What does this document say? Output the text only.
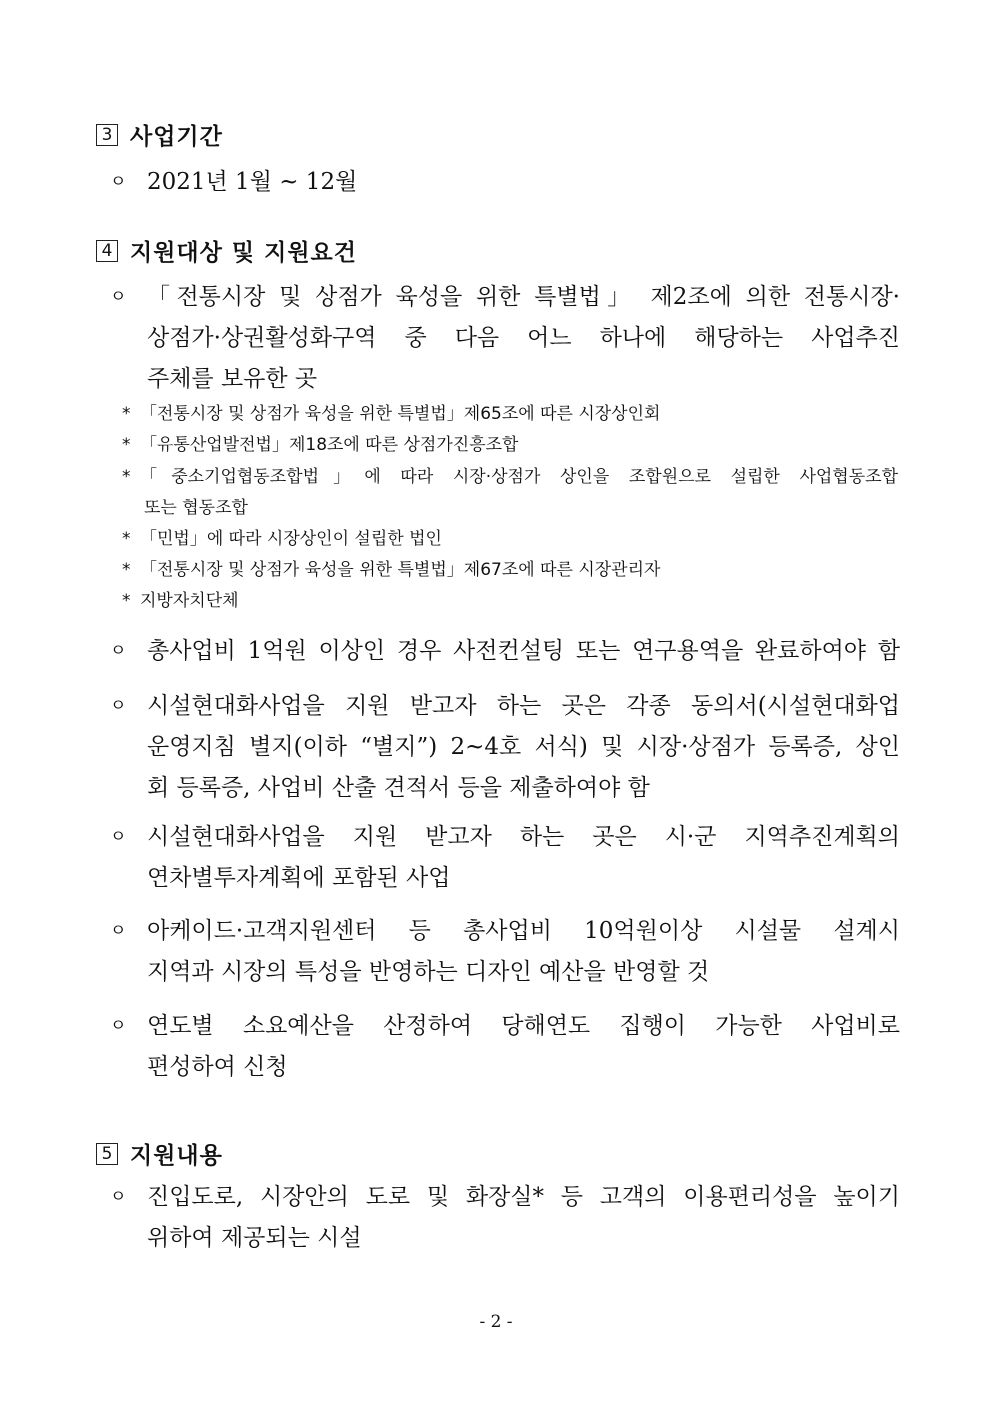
3 사업기간
ㅇ 2021년 1월 ~ 12월
4 지원대상 및 지원요건
ㅇ 「전통시장 및 상점가 육성을 위한 특별법」 제2조에 의한 전통시장·
상점가·상권활성화구역 중 다음 어느 하나에 해당하는 사업추진
주체를 보유한 곳
* 「전통시장 및 상점가 육성을 위한 특별법」제65조에 따른 시장상인회
* 「유통산업발전법」제18조에 따른 상점가진흥조합
* 「중소기업협동조합법」에 따라 시장·상점가 상인을 조합원으로 설립한 사업협동조합
또는 협동조합
* 「민법」에 따라 시장상인이 설립한 법인
* 「전통시장 및 상점가 육성을 위한 특별법」제67조에 따른 시장관리자
* 지방자치단체
ㅇ 총사업비 1억원 이상인 경우 사전컨설팅 또는 연구용역을 완료하여야 함
ㅇ 시설현대화사업을 지원 받고자 하는 곳은 각종 동의서(시설현대화업
운영지침 별지(이하 “별지”) 2~4호 서식) 및 시장·상점가 등록증, 상인
회 등록증, 사업비 산출 견적서 등을 제출하여야 함
ㅇ 시설현대화사업을 지원 받고자 하는 곳은 시·군 지역추진계획의
연차별투자계획에 포함된 사업
ㅇ 아케이드·고객지원센터 등 총사업비 10억원이상 시설물 설계시
지역과 시장의 특성을 반영하는 디자인 예산을 반영할 것
ㅇ 연도별 소요예산을 산정하여 당해연도 집행이 가능한 사업비로
편성하여 신청
5 지원내용
ㅇ 진입도로, 시장안의 도로 및 화장실* 등 고객의 이용편리성을 높이기
위하여 제공되는 시설
- 2 -
